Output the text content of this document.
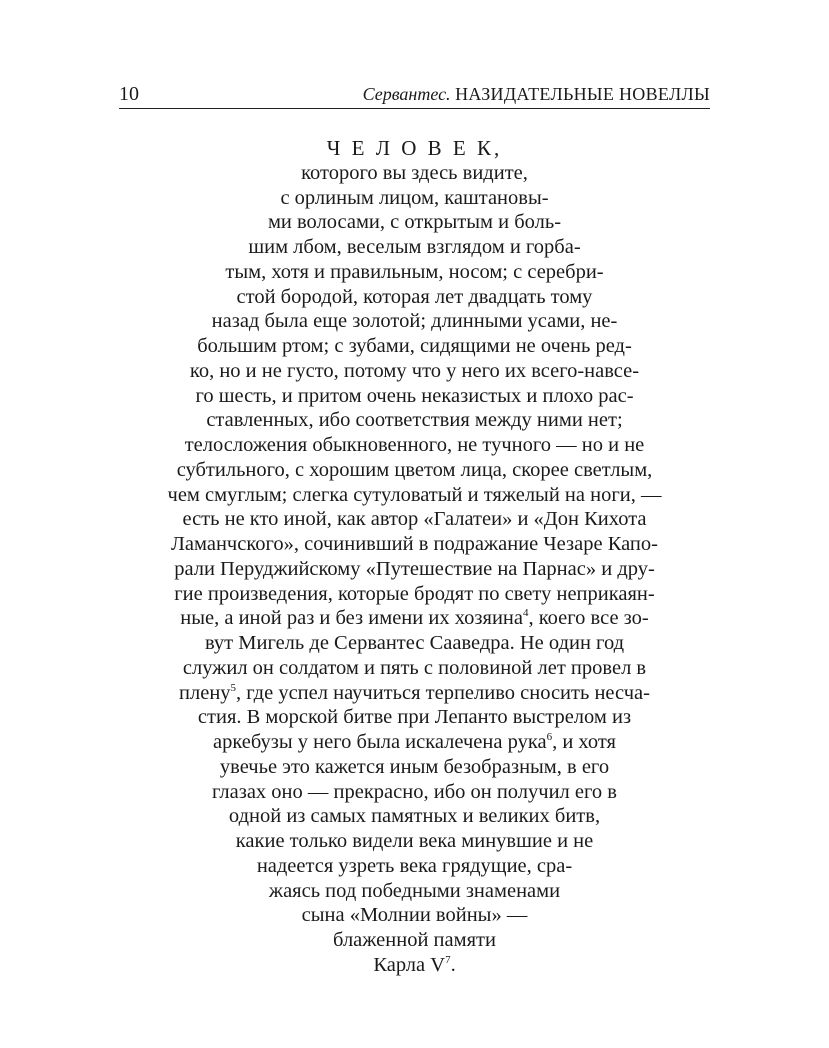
10	Сервантес. НАЗИДАТЕЛЬНЫЕ НОВЕЛЛЫ
Ч Е Л О В Е К,
которого вы здесь видите,
с орлиным лицом, каштановы-
ми волосами, с открытым и боль-
шим лбом, веселым взглядом и горба-
тым, хотя и правильным, носом; с серебри-
стой бородой, которая лет двадцать тому
назад была еще золотой; длинными усами, не-
большим ртом; с зубами, сидящими не очень ред-
ко, но и не густо, потому что у него их всего-навсе-
го шесть, и притом очень неказистых и плохо рас-
ставленных, ибо соответствия между ними нет;
телосложения обыкновенного, не тучного — но и не
субтильного, с хорошим цветом лица, скорее светлым,
чем смуглым; слегка сутуловатый и тяжелый на ноги, —
есть не кто иной, как автор «Галатеи» и «Дон Кихота
Ламанчского», сочинивший в подражание Чезаре Капо-
рали Перуджийскому «Путешествие на Парнас» и дру-
гие произведения, которые бродят по свету неприкаян-
ные, а иной раз и без имени их хозяина$^4$, коего все зо-
вут Мигель де Сервантес Сааведра. Не один год
служил он солдатом и пять с половиной лет провел в
плену$^5$, где успел научиться терпеливо сносить несча-
стия. В морской битве при Лепанто выстрелом из
аркебузы у него была искалечена рука$^6$, и хотя
увечье это кажется иным безобразным, в его
глазах оно — прекрасно, ибо он получил его в
одной из самых памятных и великих битв,
какие только видели века минувшие и не
надеется узреть века грядущие, сра-
жаясь под победными знаменами
сына «Молнии войны» —
блаженной памяти
Карла $V^7$.
